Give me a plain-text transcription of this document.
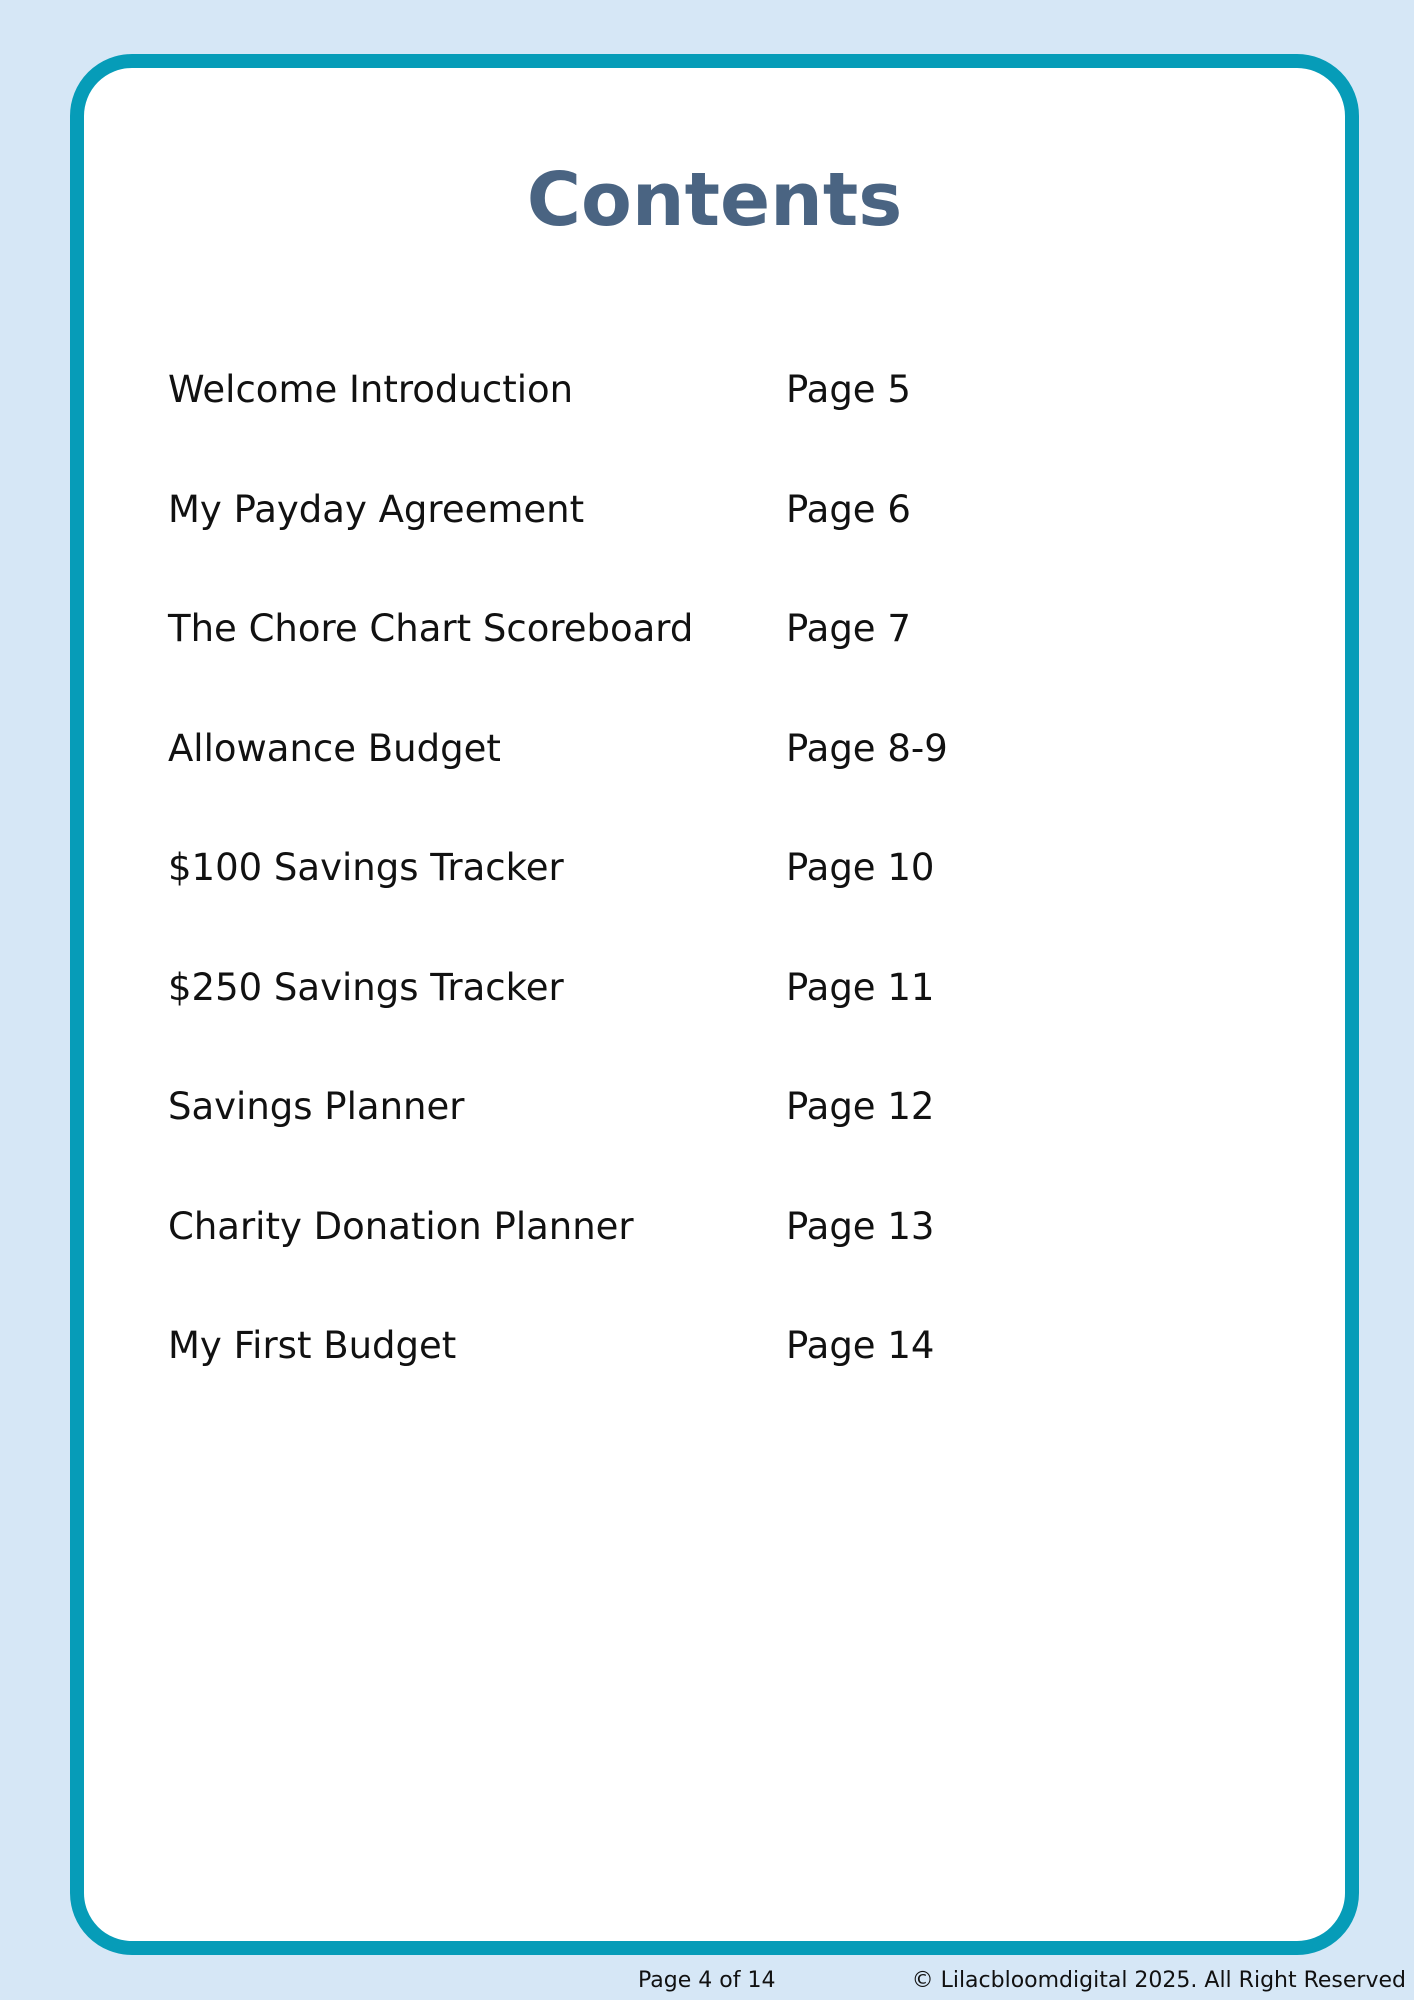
Contents
Welcome Introduction	Page 5
My Payday Agreement	Page 6
The Chore Chart Scoreboard	Page 7
Allowance Budget	Page 8-9
$100 Savings Tracker	Page 10
$250 Savings Tracker	Page 11
Savings Planner	Page 12
Charity Donation Planner	Page 13
My First Budget	Page 14
Page 4 of 14	© Lilacbloomdigital 2025. All Right Reserved
